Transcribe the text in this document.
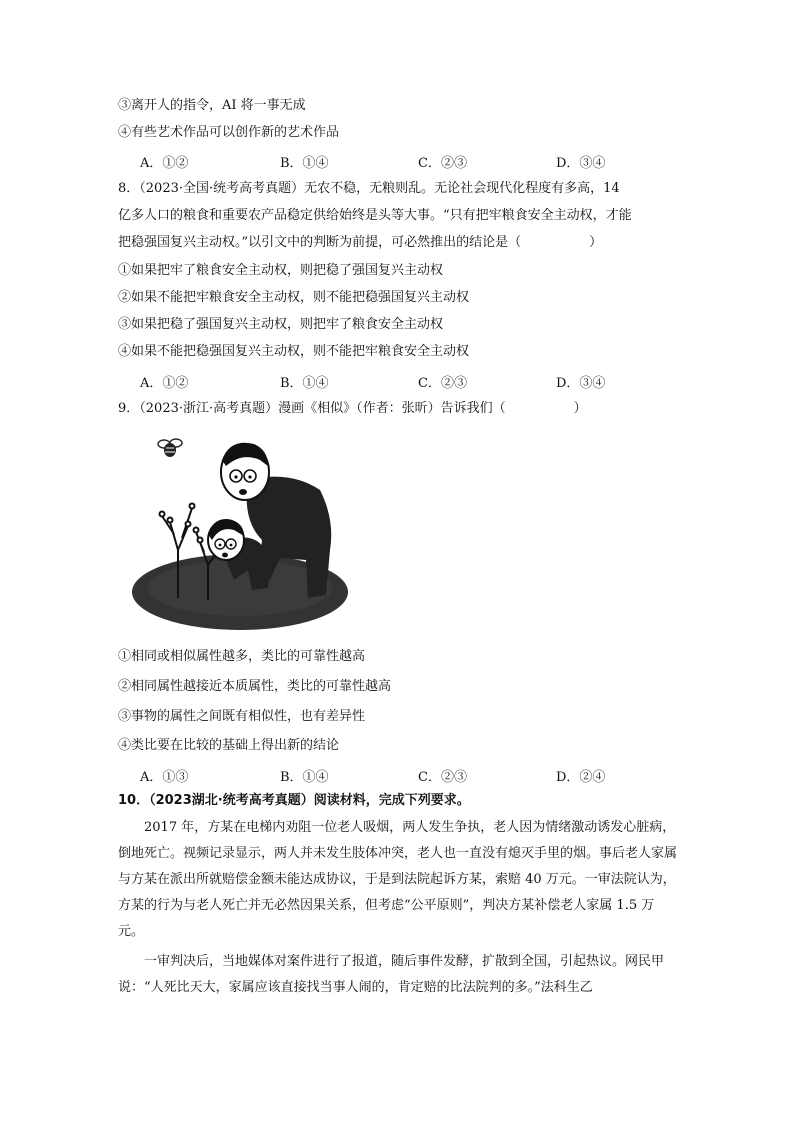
③离开人的指令，AI 将一事无成
④有些艺术作品可以创作新的艺术作品
A．①②	B．①④	C．②③	D．③④
8．（2023·全国·统考高考真题）无农不稳，无粮则乱。无论社会现代化程度有多高，14
亿多人口的粮食和重要农产品稳定供给始终是头等大事。“只有把牢粮食安全主动权，才能
把稳强国复兴主动权。”以引文中的判断为前提，可必然推出的结论是（	）
①如果把牢了粮食安全主动权，则把稳了强国复兴主动权
②如果不能把牢粮食安全主动权，则不能把稳强国复兴主动权
③如果把稳了强国复兴主动权，则把牢了粮食安全主动权
④如果不能把稳强国复兴主动权，则不能把牢粮食安全主动权
A．①②	B．①④	C．②③	D．③④
9．（2023·浙江·高考真题）漫画《相似》（作者：张昕）告诉我们（	）
①相同或相似属性越多，类比的可靠性越高
②相同属性越接近本质属性，类比的可靠性越高
③事物的属性之间既有相似性，也有差异性
④类比要在比较的基础上得出新的结论
A．①③	B．①④	C．②③	D．②④
10．（2023湖北·统考高考真题）阅读材料，完成下列要求。
2017 年，方某在电梯内劝阻一位老人吸烟，两人发生争执，老人因为情绪激动诱发心脏病，倒地死亡。视频记录显示，两人并未发生肢体冲突，老人也一直没有熄灭手里的烟。事后老人家属与方某在派出所就赔偿金额未能达成协议，于是到法院起诉方某，索赔 40 万元。一审法院认为，方某的行为与老人死亡并无必然因果关系，但考虑“公平原则”，判决方某补偿老人家属 1.5 万元。
一审判决后，当地媒体对案件进行了报道，随后事件发酵，扩散到全国，引起热议。网民甲说：“人死比天大，家属应该直接找当事人闹的，肯定赔的比法院判的多。”法科生乙
